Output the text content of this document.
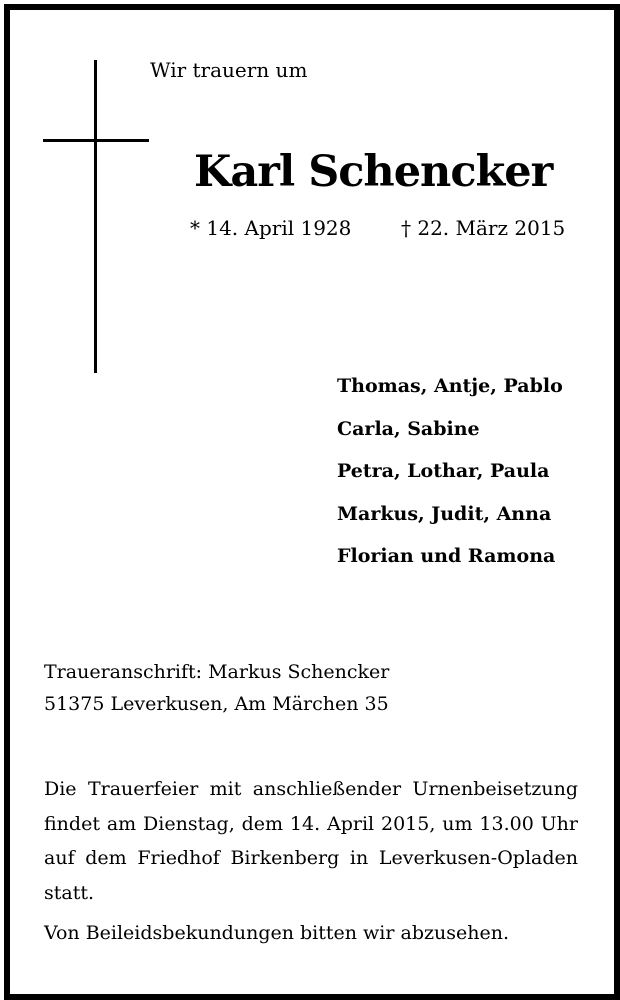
Wir trauern um
Karl Schencker
* 14. April 1928 † 22. März 2015
Thomas, Antje, Pablo
Carla, Sabine
Petra, Lothar, Paula
Markus, Judit, Anna
Florian und Ramona
Traueranschrift: Markus Schencker
51375 Leverkusen, Am Märchen 35
Die Trauerfeier mit anschließender Urnenbeisetzung
findet am Dienstag, dem 14. April 2015, um 13.00 Uhr
auf dem Friedhof Birkenberg in Leverkusen-Opladen
statt.
Von Beileidsbekundungen bitten wir abzusehen.
